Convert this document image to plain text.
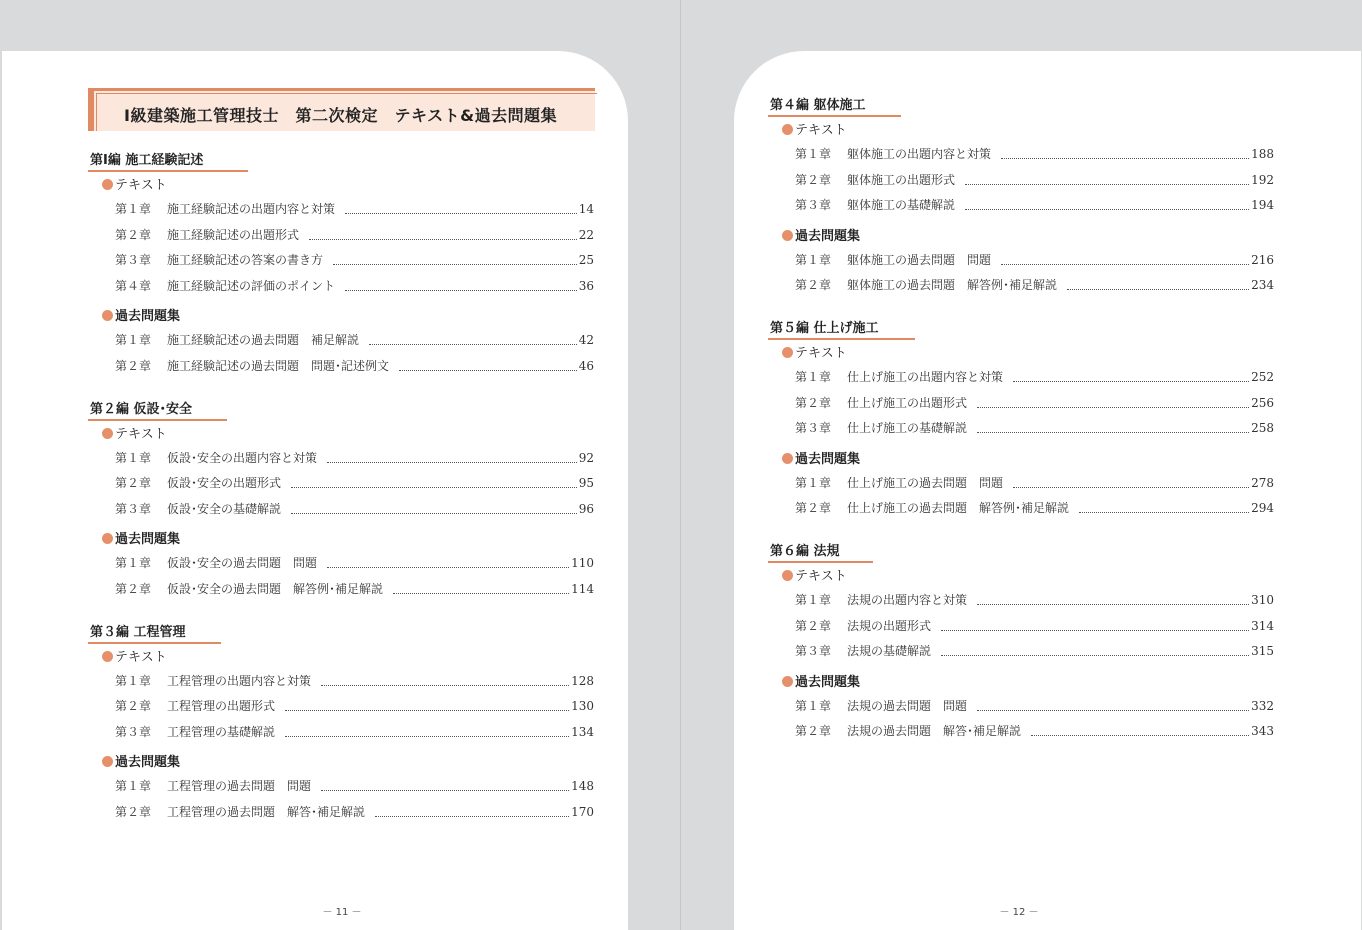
Ⅰ級建築施工管理技士　第二次検定　テキスト&過去問題集
第Ⅰ編 施工経験記述
テキスト
第１章	施工経験記述の出題内容と対策	14
第２章	施工経験記述の出題形式	22
第３章	施工経験記述の答案の書き方	25
第４章	施工経験記述の評価のポイント	36
過去問題集
第１章	施工経験記述の過去問題　補足解説	42
第２章	施工経験記述の過去問題　問題･記述例文	46
第２編 仮設･安全
テキスト
第１章	仮設･安全の出題内容と対策	92
第２章	仮設･安全の出題形式	95
第３章	仮設･安全の基礎解説	96
過去問題集
第１章	仮設･安全の過去問題　問題	110
第２章	仮設･安全の過去問題　解答例･補足解説	114
第３編 工程管理
テキスト
第１章	工程管理の出題内容と対策	128
第２章	工程管理の出題形式	130
第３章	工程管理の基礎解説	134
過去問題集
第１章	工程管理の過去問題　問題	148
第２章	工程管理の過去問題　解答･補足解説	170
－ 11 －
第４編 躯体施工
テキスト
第１章	躯体施工の出題内容と対策	188
第２章	躯体施工の出題形式	192
第３章	躯体施工の基礎解説	194
過去問題集
第１章	躯体施工の過去問題　問題	216
第２章	躯体施工の過去問題　解答例･補足解説	234
第５編 仕上げ施工
テキスト
第１章	仕上げ施工の出題内容と対策	252
第２章	仕上げ施工の出題形式	256
第３章	仕上げ施工の基礎解説	258
過去問題集
第１章	仕上げ施工の過去問題　問題	278
第２章	仕上げ施工の過去問題　解答例･補足解説	294
第６編 法規
テキスト
第１章	法規の出題内容と対策	310
第２章	法規の出題形式	314
第３章	法規の基礎解説	315
過去問題集
第１章	法規の過去問題　問題	332
第２章	法規の過去問題　解答･補足解説	343
－ 12 －
